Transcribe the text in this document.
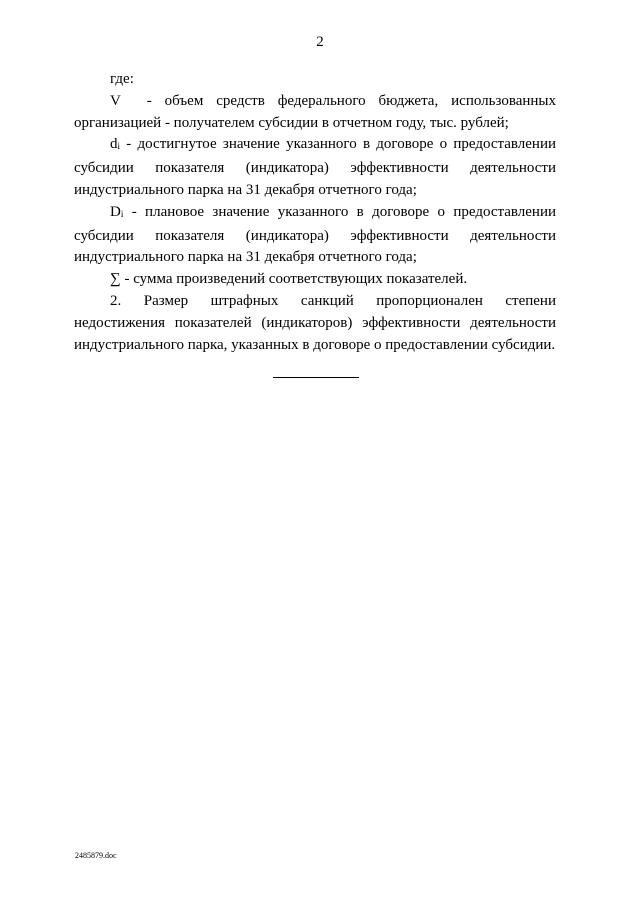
2

где:

V - объем средств федерального бюджета, использованных организацией - получателем субсидии в отчетном году, тыс. рублей;

di - достигнутое значение указанного в договоре о предоставлении субсидии показателя (индикатора) эффективности деятельности индустриального парка на 31 декабря отчетного года;

Di - плановое значение указанного в договоре о предоставлении субсидии показателя (индикатора) эффективности деятельности индустриального парка на 31 декабря отчетного года;

∑ - сумма произведений соответствующих показателей.

2. Размер штрафных санкций пропорционален степени недостижения показателей (индикаторов) эффективности деятельности индустриального парка, указанных в договоре о предоставлении субсидии.

2485879.doc
